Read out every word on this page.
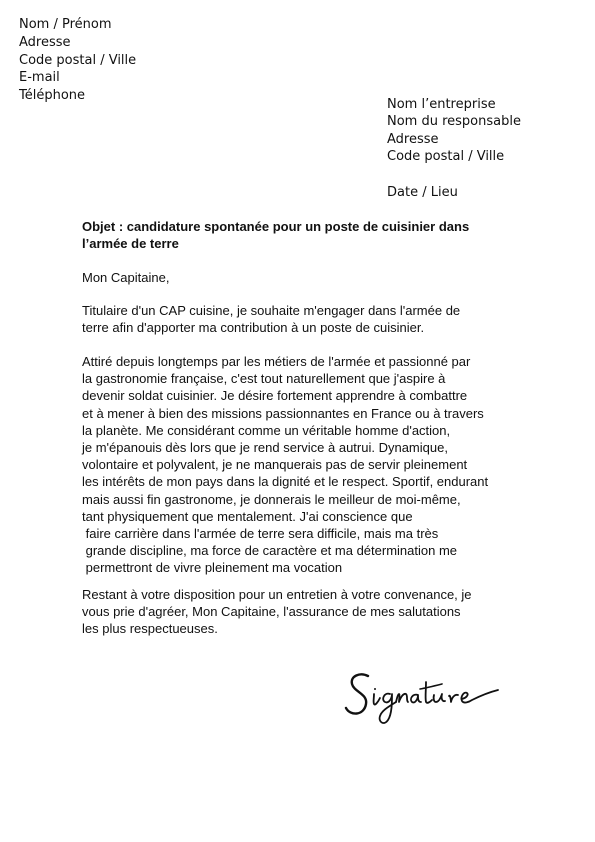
Nom / Prénom
Adresse
Code postal / Ville
E-mail
Téléphone
Nom l’entreprise
Nom du responsable
Adresse
Code postal / Ville
Date / Lieu
Objet : candidature spontanée pour un poste de cuisinier dans
l’armée de terre
Mon Capitaine,
Titulaire d'un CAP cuisine, je souhaite m'engager dans l'armée de
terre afin d'apporter ma contribution à un poste de cuisinier.
Attiré depuis longtemps par les métiers de l'armée et passionné par
la gastronomie française, c'est tout naturellement que j'aspire à
devenir soldat cuisinier. Je désire fortement apprendre à combattre
et à mener à bien des missions passionnantes en France ou à travers
la planète. Me considérant comme un véritable homme d'action,
je m'épanouis dès lors que je rend service à autrui. Dynamique,
volontaire et polyvalent, je ne manquerais pas de servir pleinement
les intérêts de mon pays dans la dignité et le respect. Sportif, endurant
mais aussi fin gastronome, je donnerais le meilleur de moi-même,
tant physiquement que mentalement. J'ai conscience que
faire carrière dans l'armée de terre sera difficile, mais ma très
grande discipline, ma force de caractère et ma détermination me
permettront de vivre pleinement ma vocation
Restant à votre disposition pour un entretien à votre convenance, je
vous prie d'agréer, Mon Capitaine, l'assurance de mes salutations
les plus respectueuses.
